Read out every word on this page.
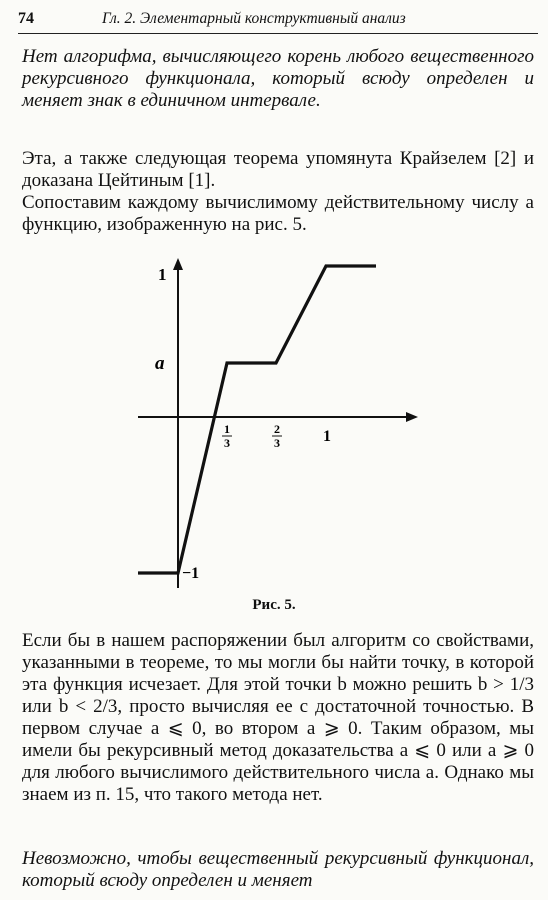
74	Гл. 2. Элементарный конструктивный анализ

Нет алгорифма, вычисляющего корень любого вещественного рекурсивного функционала, который всюду определен и меняет знак в единичном интервале.

Эта, а также следующая теорема упомянута Крайзелем [2] и доказана Цейтиным [1].

Сопоставим каждому вычислимому действительному числу a функцию, изображенную на рис. 5.

1
a
−1
1
3
2
3	1
Рис. 5.

Если бы в нашем распоряжении был алгоритм со свойствами, указанными в теореме, то мы могли бы найти точку, в которой эта функция исчезает. Для этой точки b можно решить b > 1/3 или b < 2/3, просто вычисляя ее с достаточной точностью. В первом случае a ⩽ 0, во втором a ⩾ 0. Таким образом, мы имели бы рекурсивный метод доказательства a ⩽ 0 или a ⩾ 0 для любого вычислимого действительного числа a. Однако мы знаем из п. 15, что такого метода нет.

Невозможно, чтобы вещественный рекурсивный функционал, который всюду определен и меняет
